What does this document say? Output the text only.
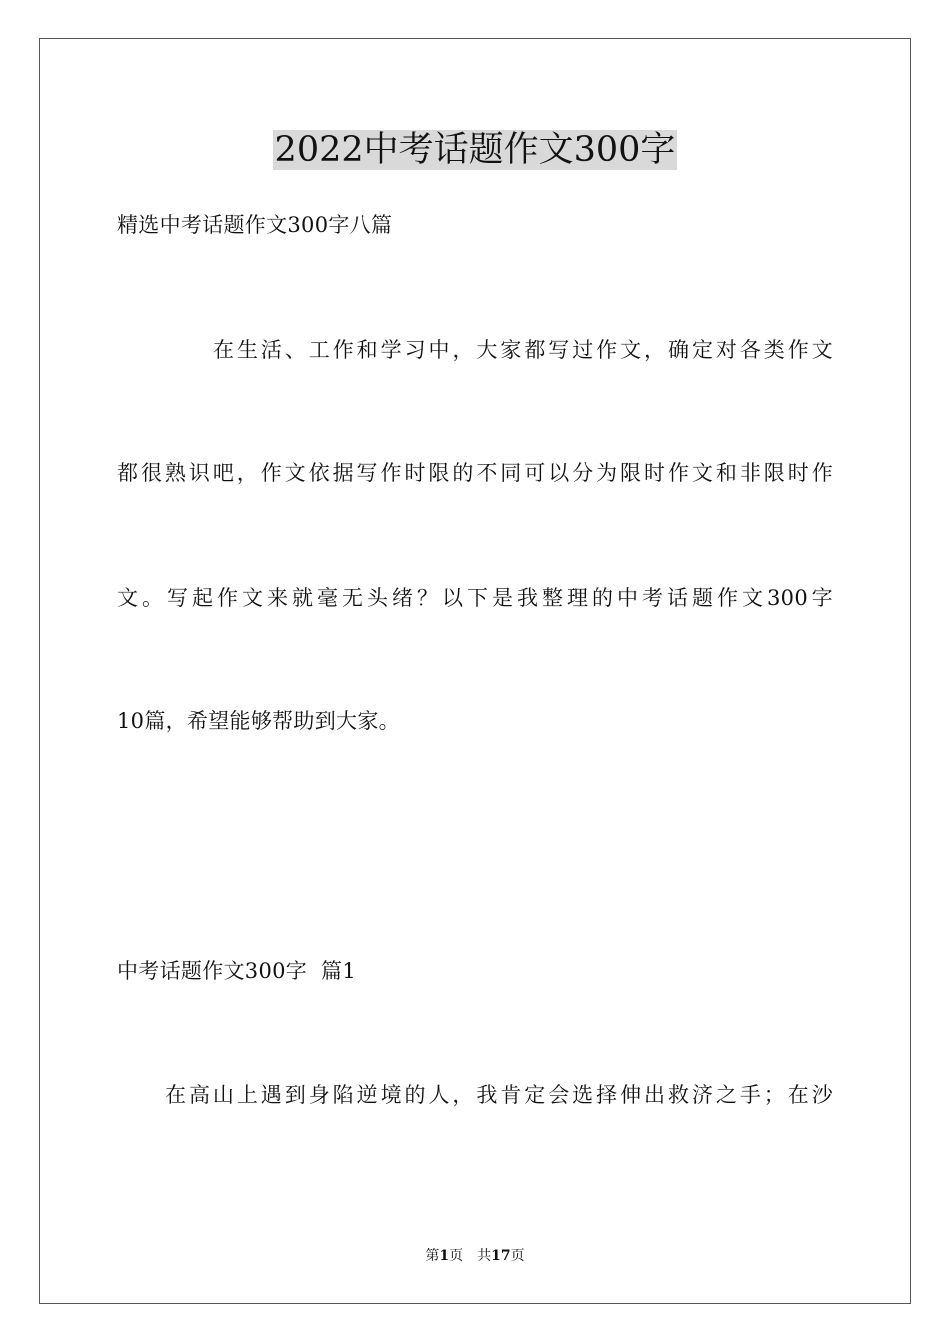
2022中考话题作文300字
精选中考话题作文300字八篇
在生活、工作和学习中，大家都写过作文，确定对各类作文
都很熟识吧，作文依据写作时限的不同可以分为限时作文和非限时作
文。写起作文来就毫无头绪？以下是我整理的中考话题作文300字
10篇，希望能够帮助到大家。
中考话题作文300字  篇1
在高山上遇到身陷逆境的人，我肯定会选择伸出救济之手；在沙
第1页 共17页
